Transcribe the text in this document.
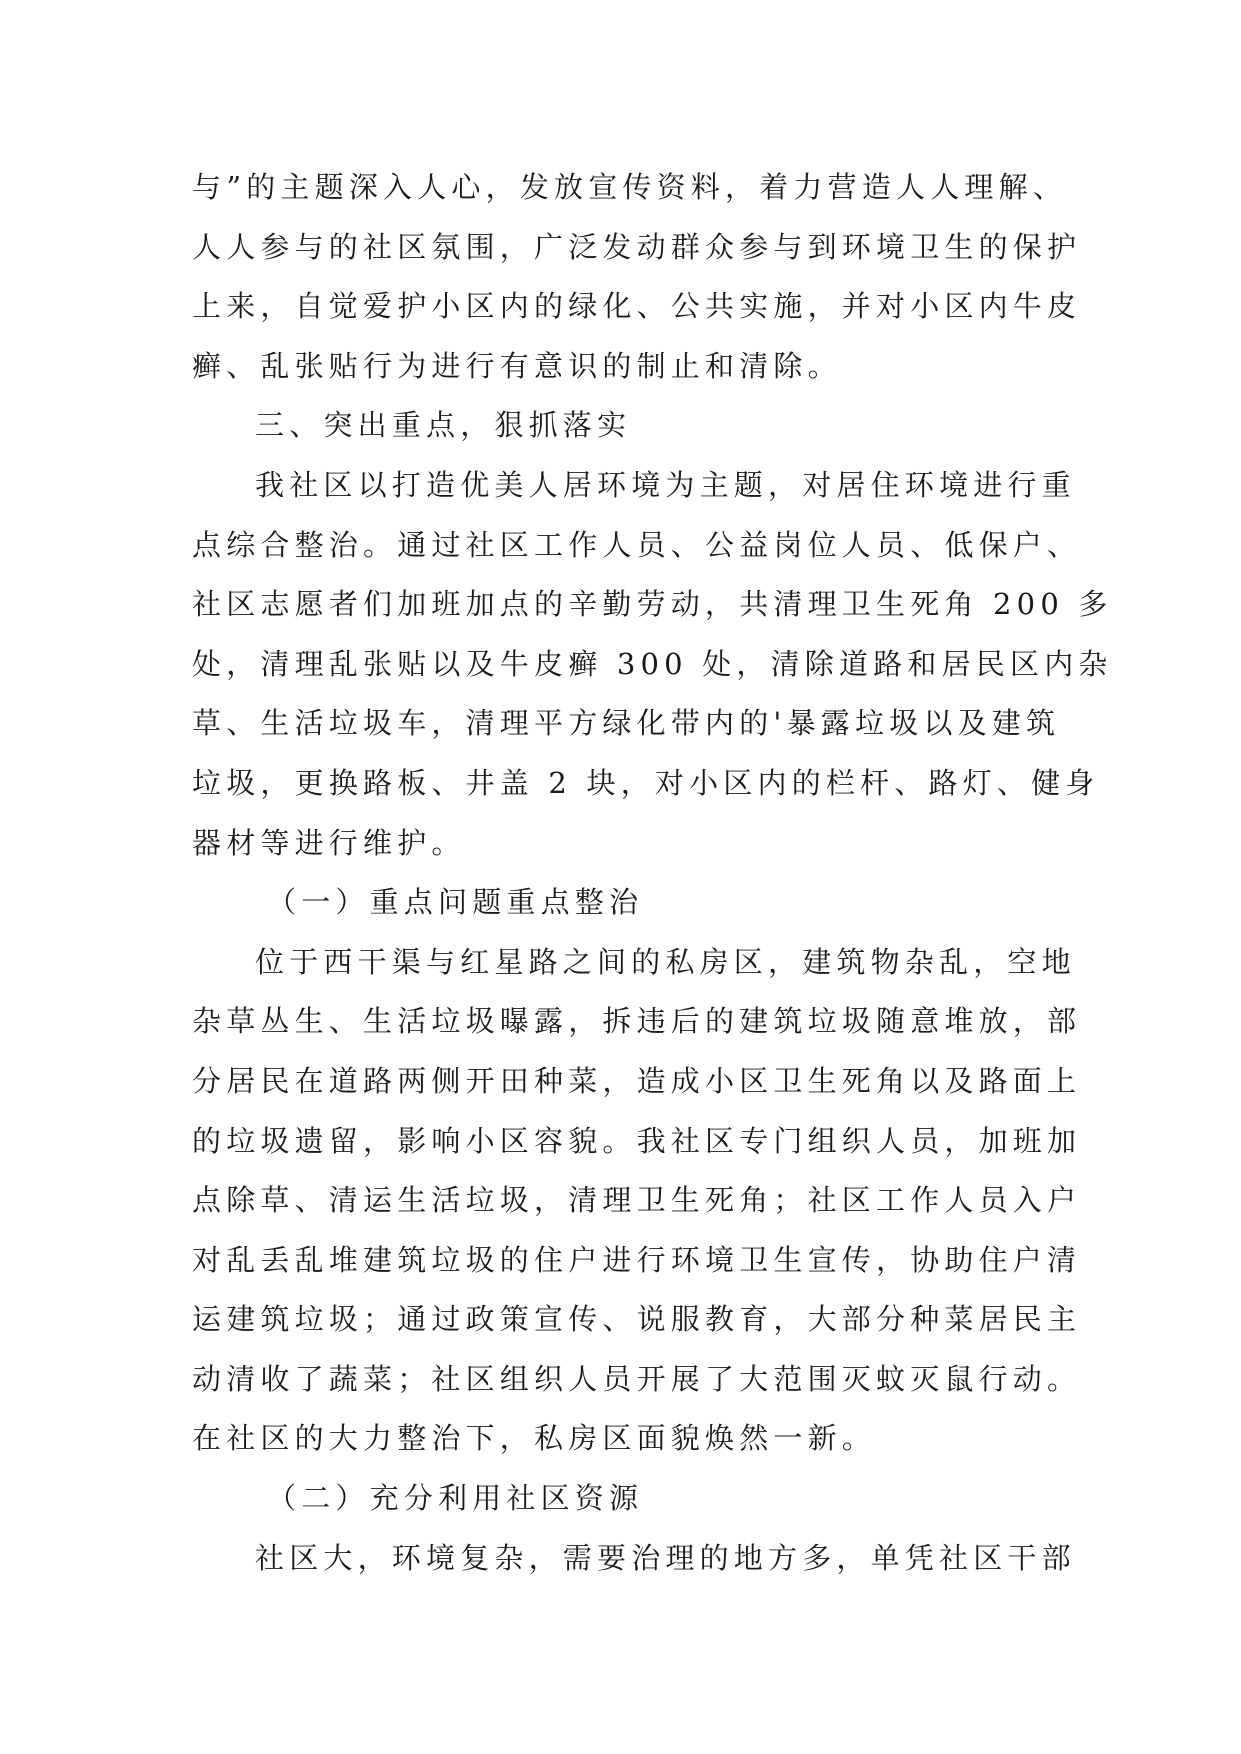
与”的主题深入人心，发放宣传资料，着力营造人人理解、
人人参与的社区氛围，广泛发动群众参与到环境卫生的保护
上来，自觉爱护小区内的绿化、公共实施，并对小区内牛皮
癣、乱张贴行为进行有意识的制止和清除。
三、突出重点，狠抓落实
我社区以打造优美人居环境为主题，对居住环境进行重
点综合整治。通过社区工作人员、公益岗位人员、低保户、
社区志愿者们加班加点的辛勤劳动，共清理卫生死角 200 多
处，清理乱张贴以及牛皮癣 300 处，清除道路和居民区内杂
草、生活垃圾车，清理平方绿化带内的'暴露垃圾以及建筑
垃圾，更换路板、井盖 2 块，对小区内的栏杆、路灯、健身
器材等进行维护。
（一）重点问题重点整治
位于西干渠与红星路之间的私房区，建筑物杂乱，空地
杂草丛生、生活垃圾曝露，拆违后的建筑垃圾随意堆放，部
分居民在道路两侧开田种菜，造成小区卫生死角以及路面上
的垃圾遗留，影响小区容貌。我社区专门组织人员，加班加
点除草、清运生活垃圾，清理卫生死角；社区工作人员入户
对乱丢乱堆建筑垃圾的住户进行环境卫生宣传，协助住户清
运建筑垃圾；通过政策宣传、说服教育，大部分种菜居民主
动清收了蔬菜；社区组织人员开展了大范围灭蚊灭鼠行动。
在社区的大力整治下，私房区面貌焕然一新。
（二）充分利用社区资源
社区大，环境复杂，需要治理的地方多，单凭社区干部
